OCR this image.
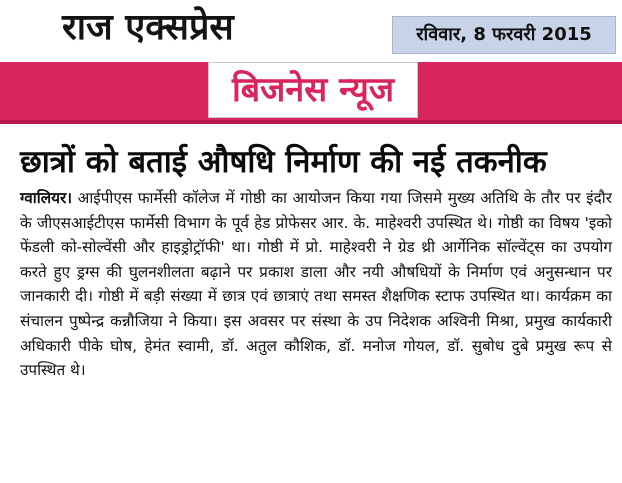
राज एक्सप्रेस	रविवार, 8 फरवरी 2015
बिजनेस न्यूज
छात्रों को बताई औषधि निर्माण की नई तकनीक

ग्वालियर। आईपीएस फार्मेसी कॉलेज में गोष्ठी का आयोजन किया गया जिसमे मुख्य अतिथि के तौर पर इंदौर के जीएसआईटीएस फार्मेसी विभाग के पूर्व हेड प्रोफेसर आर. के. माहेश्वरी उपस्थित थे। गोष्ठी का विषय 'इको फेंडली को-सोल्वेंसी और हाइड्रोट्रॉफी' था। गोष्ठी में प्रो. माहेश्वरी ने ग्रेड थ्री आर्गेनिक सॉल्वेंट्स का उपयोग करते हुए ड्रग्स की घुलनशीलता बढ़ाने पर प्रकाश डाला और नयी औषधियों के निर्माण एवं अनुसन्धान पर जानकारी दी। गोष्ठी में बड़ी संख्या में छात्र एवं छात्राएं तथा समस्त शैक्षणिक स्टाफ उपस्थित था। कार्यक्रम का संचालन पुष्पेन्द्र कन्नौजिया ने किया। इस अवसर पर संस्था के उप निदेशक अश्विनी मिश्रा, प्रमुख कार्यकारी अधिकारी पीके घोष, हेमंत स्वामी, डॉ. अतुल कौशिक, डॉ. मनोज गोयल, डॉ. सुबोध दुबे प्रमुख रूप से उपस्थित थे।
